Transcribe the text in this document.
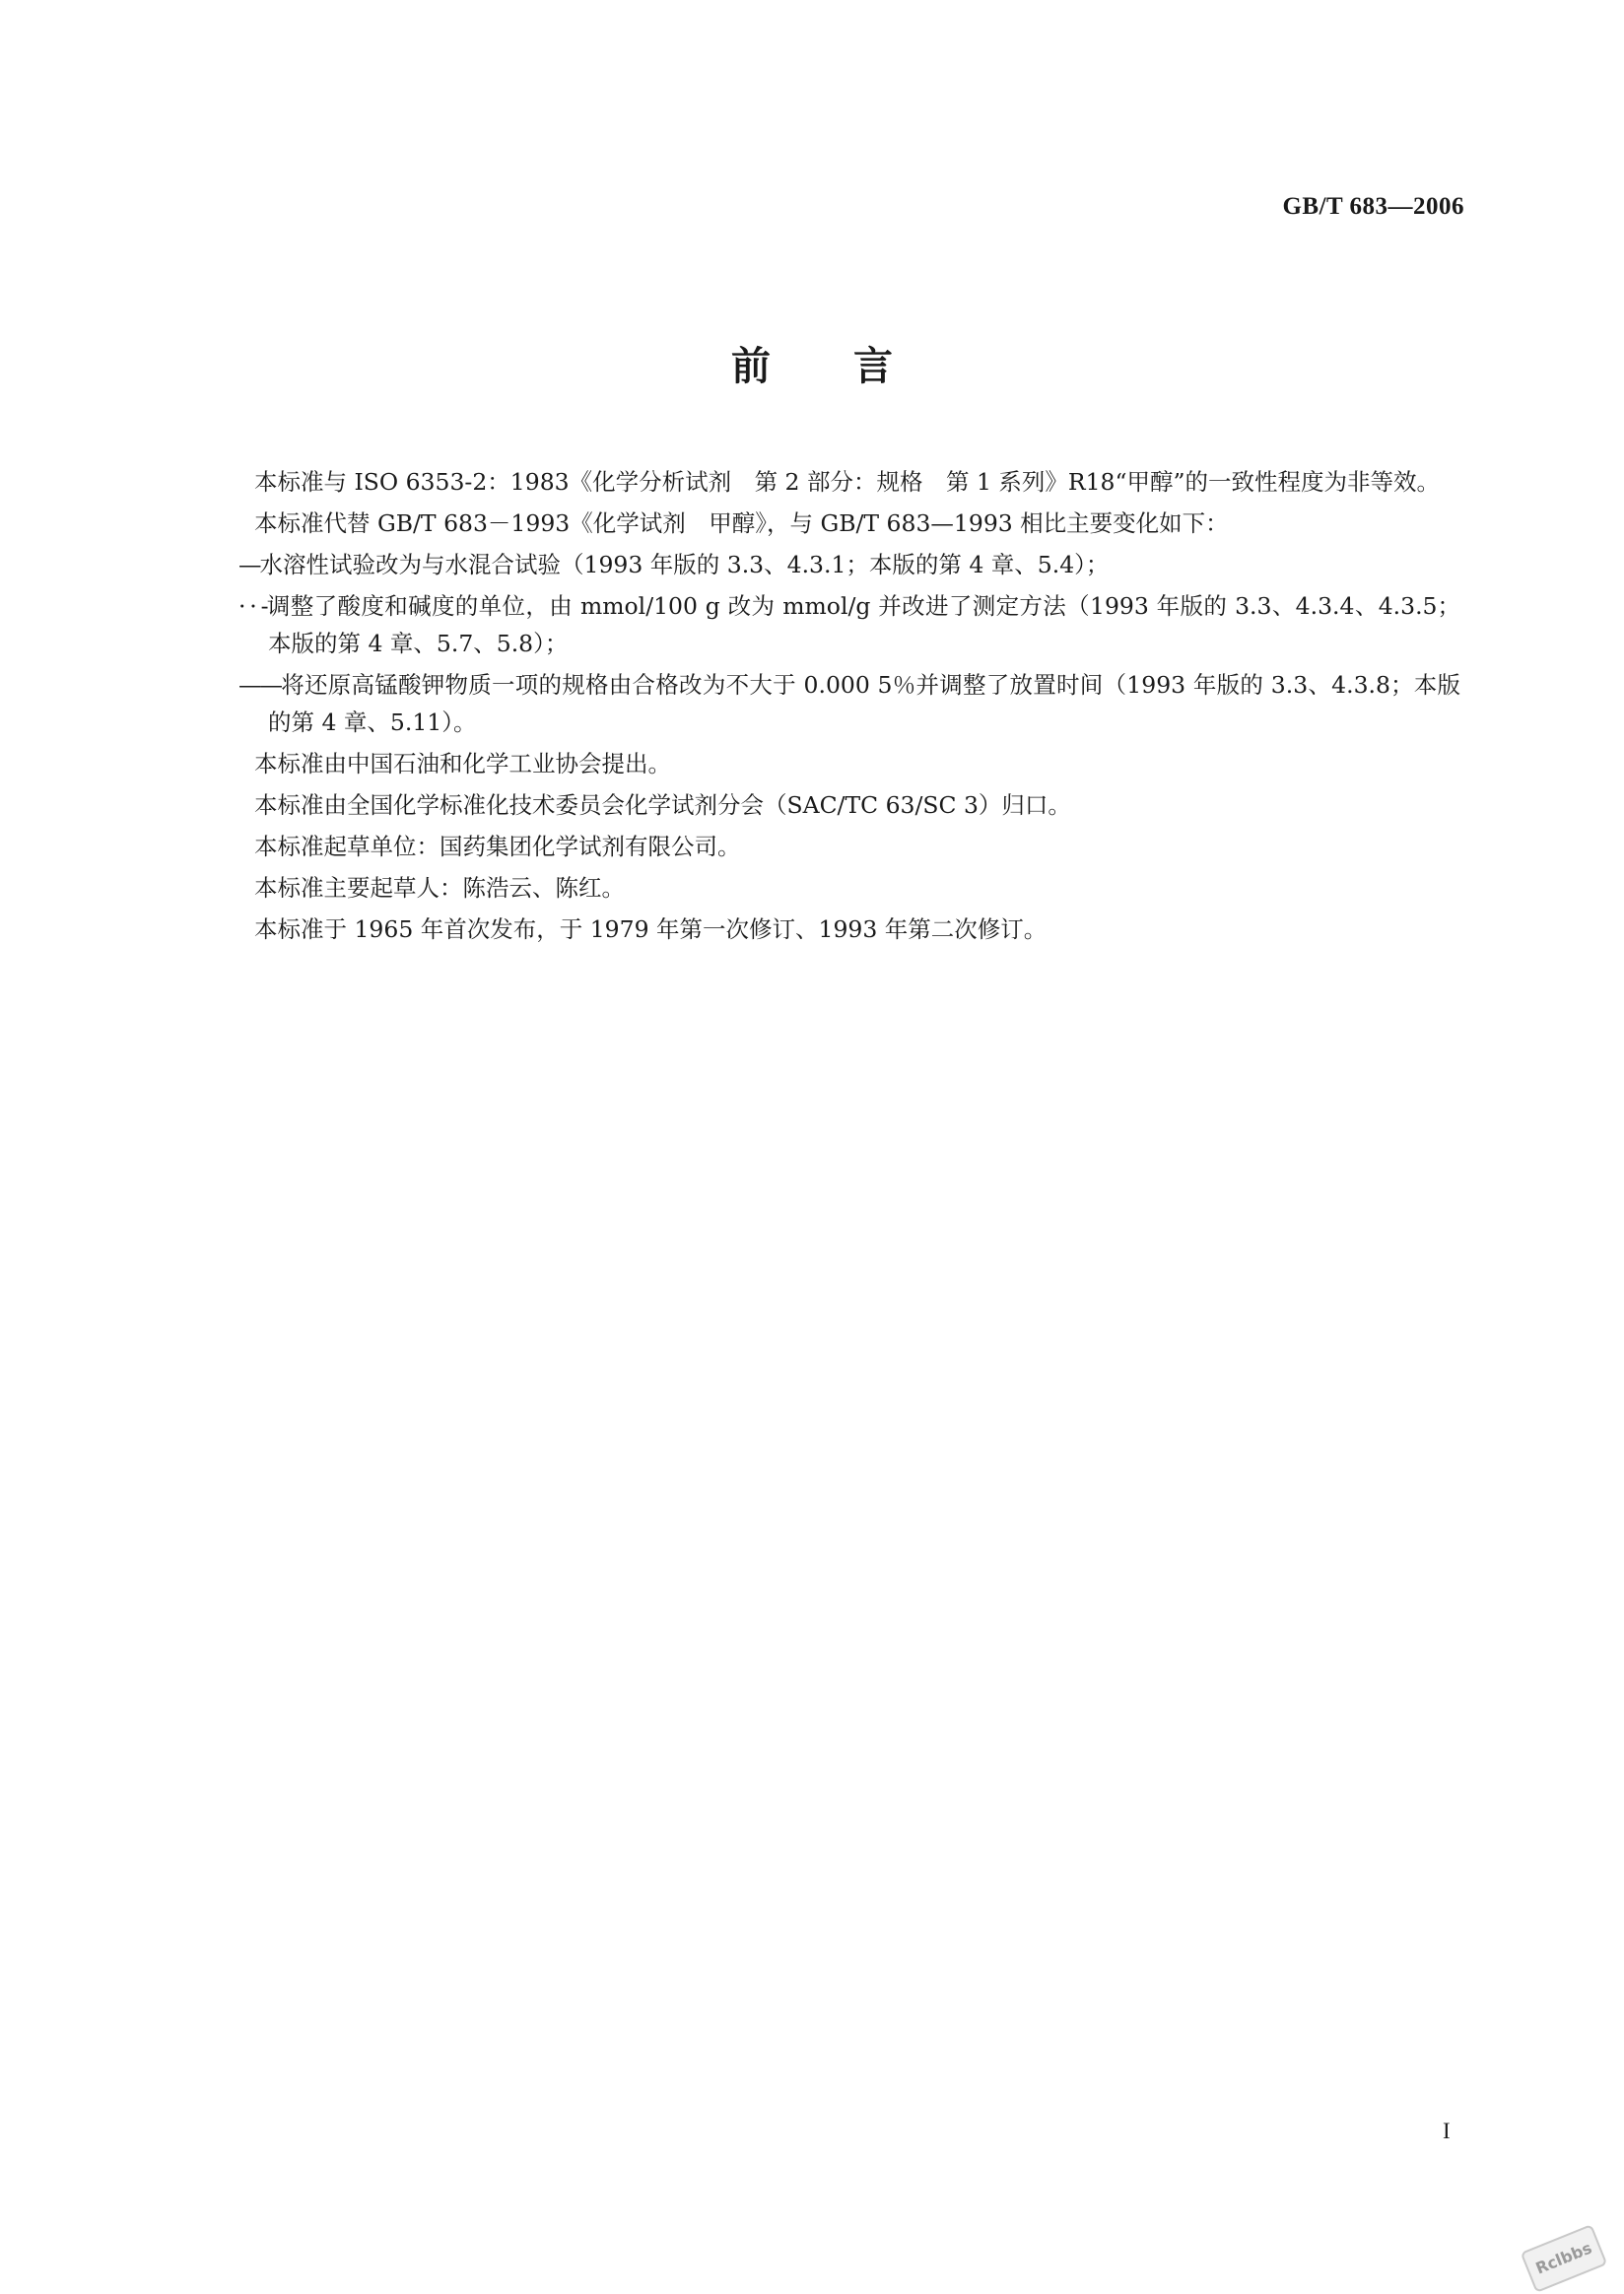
GB/T 683—2006
前言

本标准与 ISO 6353-2：1983《化学分析试剂　第 2 部分：规格　第 1 系列》R18“甲醇”的一致性程度为非等效。

本标准代替 GB/T 683－1993《化学试剂　甲醇》，与 GB/T 683—1993 相比主要变化如下：

—水溶性试验改为与水混合试验（1993 年版的 3.3、4.3.1；本版的第 4 章、5.4）；

· · -调整了酸度和碱度的单位，由 mmol/100 g 改为 mmol/g 并改进了测定方法（1993 年版的 3.3、4.3.4、4.3.5；本版的第 4 章、5.7、5.8）；

——将还原高锰酸钾物质一项的规格由合格改为不大于 0.000 5％并调整了放置时间（1993 年版的 3.3、4.3.8；本版的第 4 章、5.11）。

本标准由中国石油和化学工业协会提出。

本标准由全国化学标准化技术委员会化学试剂分会（SAC/TC 63/SC 3）归口。

本标准起草单位：国药集团化学试剂有限公司。

本标准主要起草人：陈浩云、陈红。

本标准于 1965 年首次发布，于 1979 年第一次修订、1993 年第二次修订。

I
Rclbbs
